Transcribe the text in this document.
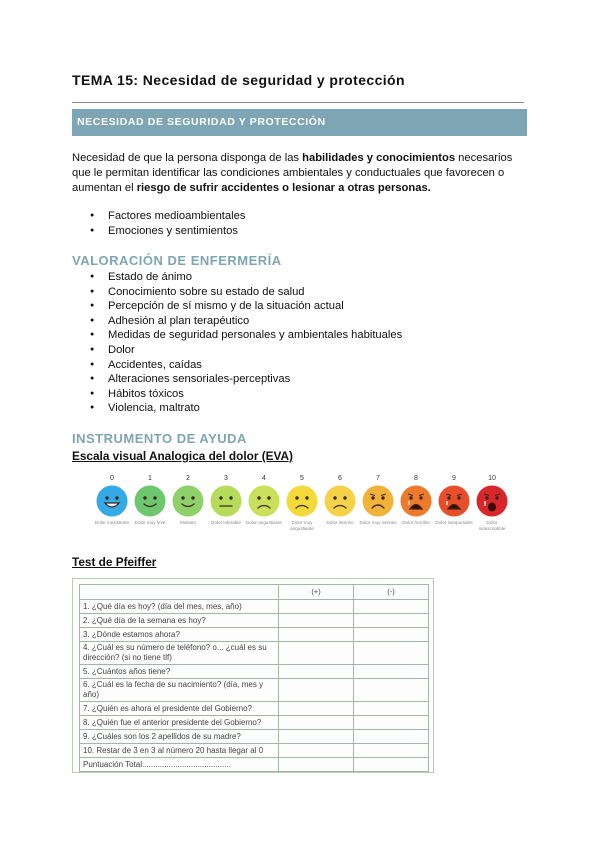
TEMA 15: Necesidad de seguridad y protección
NECESIDAD DE SEGURIDAD Y PROTECCIÓN
Necesidad de que la persona disponga de las habilidades y conocimientos necesarios que le permitan identificar las condiciones ambientales y conductuales que favorecen o aumentan el riesgo de sufrir accidentes o lesionar a otras personas.
● Factores medioambientales
● Emociones y sentimientos
VALORACIÓN DE ENFERMERÍA
● Estado de ánimo
● Conocimiento sobre su estado de salud
● Percepción de sí mismo y de la situación actual
● Adhesión al plan terapéutico
● Medidas de seguridad personales y ambientales habituales
● Dolor
● Accidentes, caídas
● Alteraciones sensoriales-perceptivas
● Hábitos tóxicos
● Violencia, maltrato
INSTRUMENTO DE AYUDA
Escala visual Analogica del dolor (EVA)
0
Dolor inexistente
1
Dolor muy leve
2
Molesto
3
Dolor tolerable
4
Dolor angustiante
5
Dolor muy angustiante
6
Dolor intenso
7
Dolor muy intenso
8
Dolor horrible
9
Dolor insoportable
10
Dolor indescriptible
Test de Pfeiffer
	(+)	(-)
1. ¿Qué día es hoy? (día del mes, mes, año)		
2. ¿Qué día de la semana es hoy?		
3. ¿Dónde estamos ahora?		
4. ¿Cuál es su número de teléfono? o... ¿cuál es su dirección? (si no tiene tlf)		
5. ¿Cuántos años tiene?		
6. ¿Cuál es la fecha de su nacimiento? (día, mes y año)		
7. ¿Quién es ahora el presidente del Gobierno?		
8. ¿Quién fue el anterior presidente del Gobierno?		
9. ¿Cuáles son los 2 apellidos de su madre?		
10. Restar de 3 en 3 al número 20 hasta llegar al 0		
Puntuación Total........................................		
